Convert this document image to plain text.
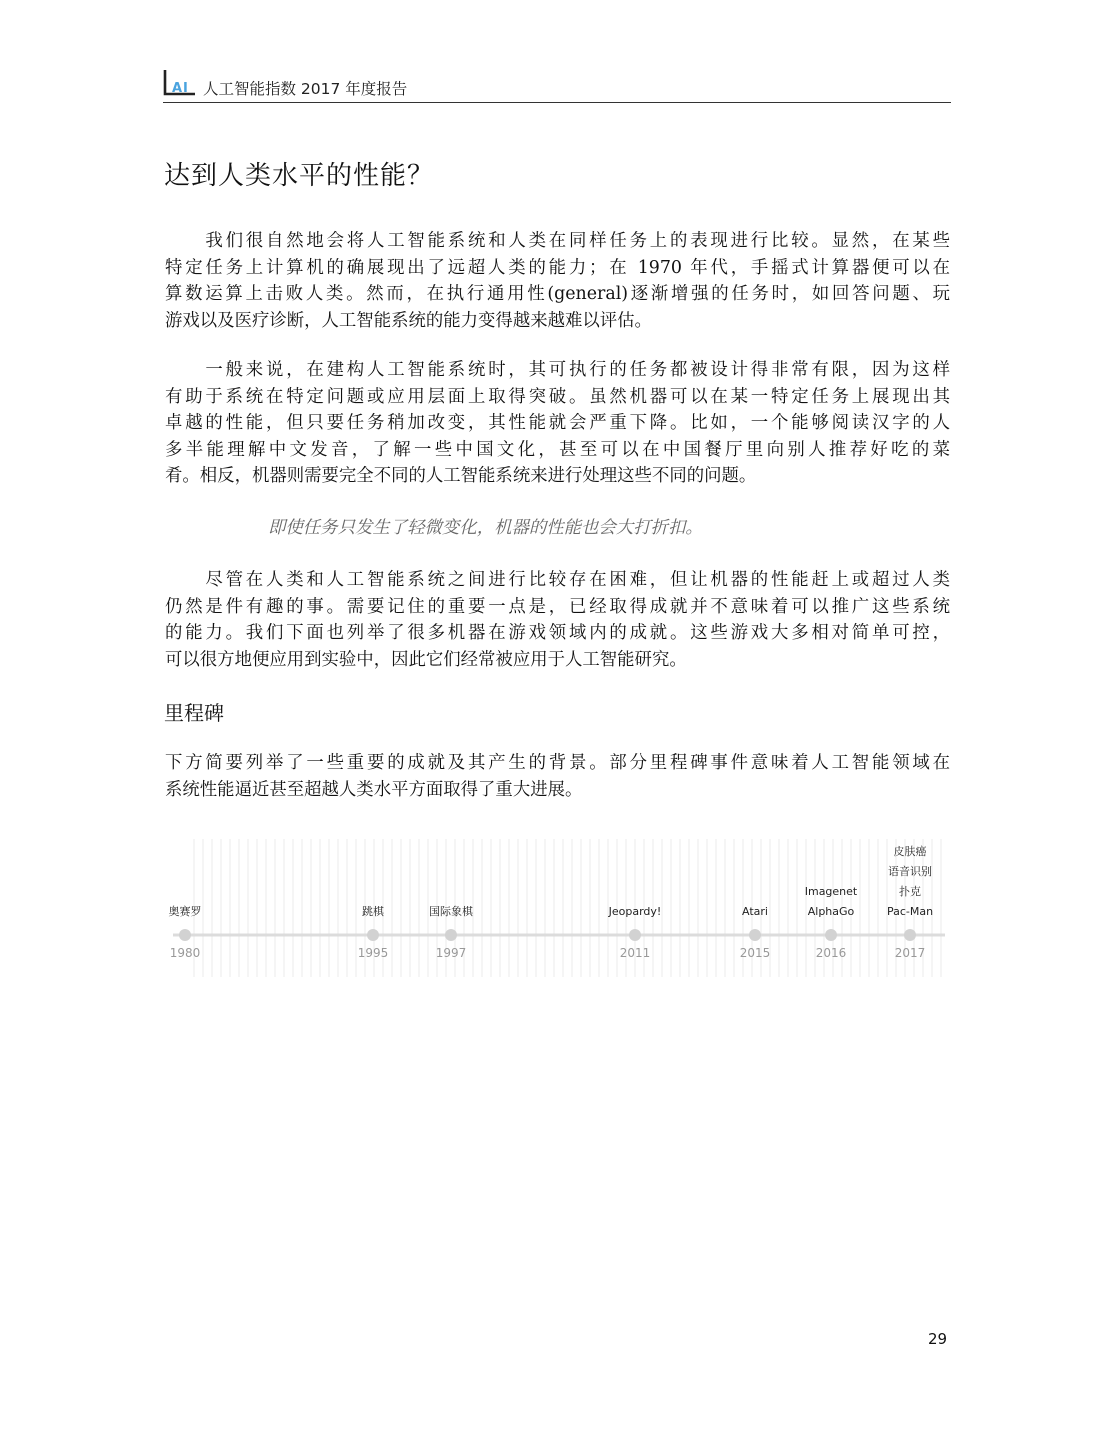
AI 人工智能指数 2017 年度报告
达到人类水平的性能？
　　我们很自然地会将人工智能系统和人类在同样任务上的表现进行比较。显然，在某些
特定任务上计算机的确展现出了远超人类的能力；在 1970 年代，手摇式计算器便可以在
算数运算上击败人类。然而，在执行通用性(general)逐渐增强的任务时，如回答问题、玩
游戏以及医疗诊断，人工智能系统的能力变得越来越难以评估。
　　一般来说，在建构人工智能系统时，其可执行的任务都被设计得非常有限，因为这样
有助于系统在特定问题或应用层面上取得突破。虽然机器可以在某一特定任务上展现出其
卓越的性能，但只要任务稍加改变，其性能就会严重下降。比如，一个能够阅读汉字的人
多半能理解中文发音，了解一些中国文化，甚至可以在中国餐厅里向别人推荐好吃的菜
肴。相反，机器则需要完全不同的人工智能系统来进行处理这些不同的问题。

即使任务只发生了轻微变化，机器的性能也会大打折扣。

　　尽管在人类和人工智能系统之间进行比较存在困难，但让机器的性能赶上或超过人类
仍然是件有趣的事。需要记住的重要一点是，已经取得成就并不意味着可以推广这些系统
的能力。我们下面也列举了很多机器在游戏领域内的成就。这些游戏大多相对简单可控，
可以很方地便应用到实验中，因此它们经常被应用于人工智能研究。
里程碑
下方简要列举了一些重要的成就及其产生的背景。部分里程碑事件意味着人工智能领域在
系统性能逼近甚至超越人类水平方面取得了重大进展。
1980
奥赛罗
1995
跳棋
1997
国际象棋
2011
Jeopardy!
2015
Atari
2016
Imagenet
AlphaGo
2017
皮肤癌
语音识别
扑克
Pac-Man
29
